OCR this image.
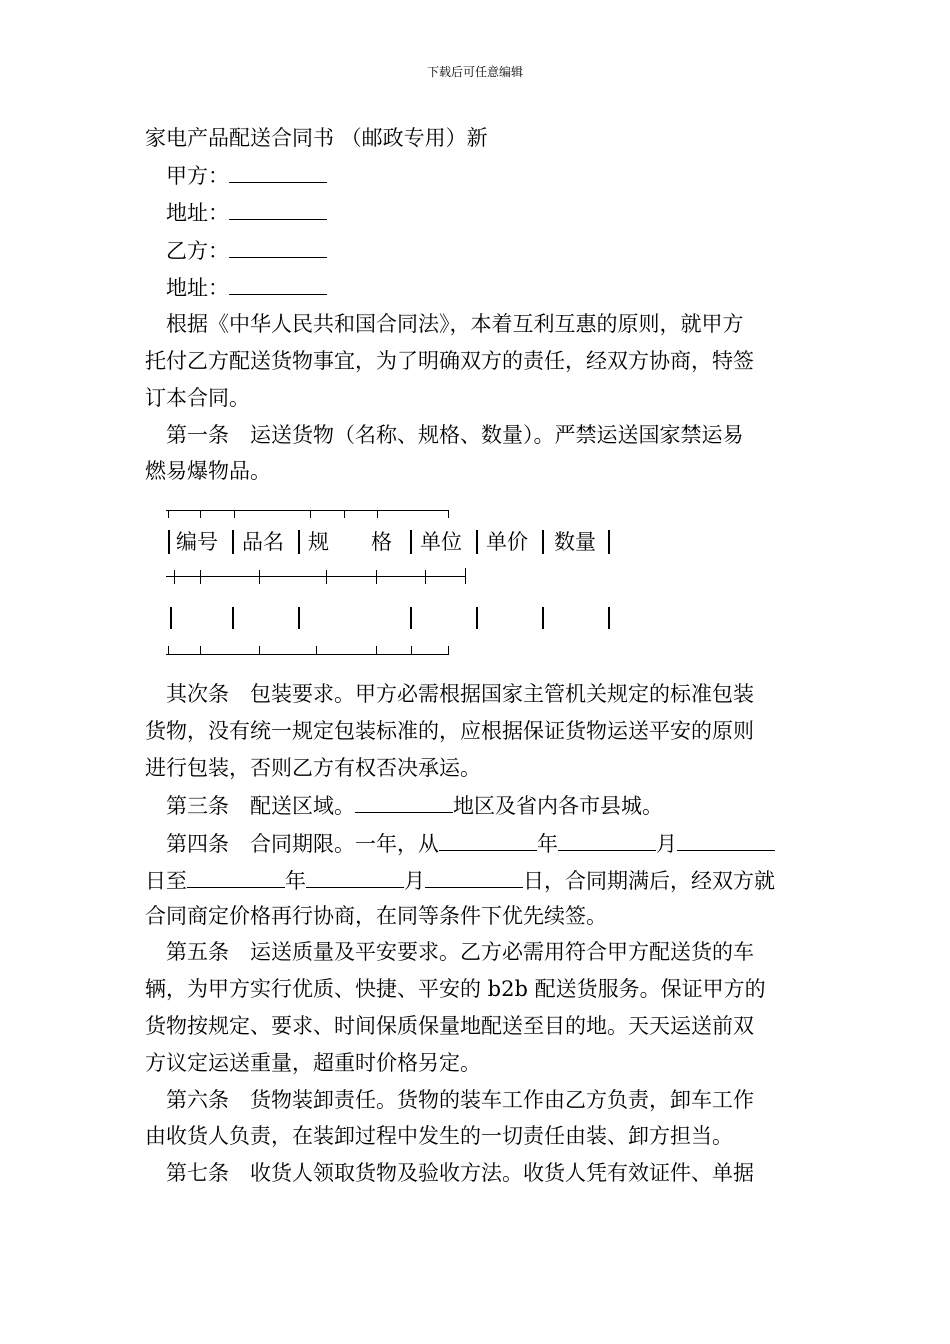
下载后可任意编辑
家电产品配送合同书 （邮政专用）新
甲方：
地址：
乙方：
地址：
根据《中华人民共和国合同法》，本着互利互惠的原则，就甲方
托付乙方配送货物事宜，为了明确双方的责任，经双方协商，特签
订本合同。
第一条　运送货物（名称、规格、数量）。严禁运送国家禁运易
燃易爆物品。
编号 品名 规　　格 单位 单价 数量
其次条　包装要求。甲方必需根据国家主管机关规定的标准包装
货物，没有统一规定包装标准的，应根据保证货物运送平安的原则
进行包装，否则乙方有权否决承运。
第三条　配送区域。	地区及省内各市县城。
第四条　合同期限。一年，从	年	月
日至	年	月	日，合同期满后，经双方就
合同商定价格再行协商，在同等条件下优先续签。
第五条　运送质量及平安要求。乙方必需用符合甲方配送货的车
辆，为甲方实行优质、快捷、平安的 b2b 配送货服务。保证甲方的
货物按规定、要求、时间保质保量地配送至目的地。天天运送前双
方议定运送重量，超重时价格另定。
第六条　货物装卸责任。货物的装车工作由乙方负责，卸车工作
由收货人负责，在装卸过程中发生的一切责任由装、卸方担当。
第七条　收货人领取货物及验收方法。收货人凭有效证件、单据
